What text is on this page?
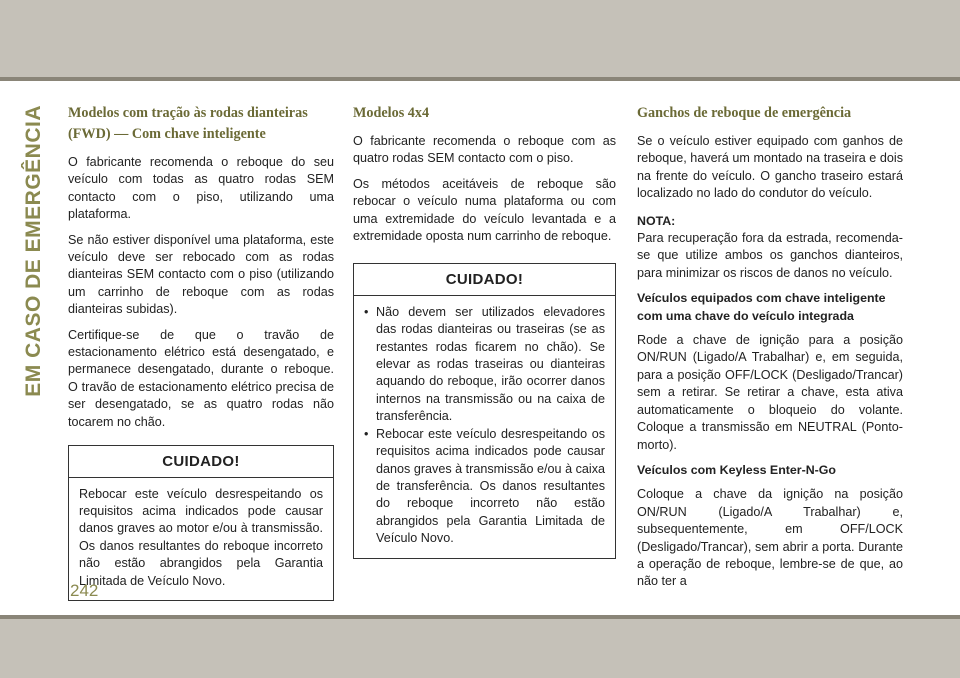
EM CASO DE EMERGÊNCIA Modelos com tração às rodas dianteiras (FWD) — Com chave inteligente

O fabricante recomenda o reboque do seu veículo com todas as quatro rodas SEM contacto com o piso, utilizando uma plataforma.

Se não estiver disponível uma plataforma, este veículo deve ser rebocado com as rodas dianteiras SEM contacto com o piso (utilizando um carrinho de reboque com as rodas dianteiras subidas).

Certifique-se de que o travão de estacionamento elétrico está desengatado, e permanece desengatado, durante o reboque. O travão de estacionamento elétrico precisa de ser desengatado, se as quatro rodas não tocarem no chão.

CUIDADO!

Rebocar este veículo desrespeitando os requisitos acima indicados pode causar danos graves ao motor e/ou à transmissão. Os danos resultantes do reboque incorreto não estão abrangidos pela Garantia Limitada de Veículo Novo.

Modelos 4x4

O fabricante recomenda o reboque com as quatro rodas SEM contacto com o piso.

Os métodos aceitáveis de reboque são rebocar o veículo numa plataforma ou com uma extremidade do veículo levantada e a extremidade oposta num carrinho de reboque.

CUIDADO!
• Não devem ser utilizados elevadores das rodas dianteiras ou traseiras (se as restantes rodas ficarem no chão). Se elevar as rodas traseiras ou dianteiras aquando do reboque, irão ocorrer danos internos na transmissão ou na caixa de transferência.
• Rebocar este veículo desrespeitando os requisitos acima indicados pode causar danos graves à transmissão e/ou à caixa de transferência. Os danos resultantes do reboque incorreto não estão abrangidos pela Garantia Limitada de Veículo Novo.
Ganchos de reboque de emergência

Se o veículo estiver equipado com ganhos de reboque, haverá um montado na traseira e dois na frente do veículo. O gancho traseiro estará localizado no lado do condutor do veículo.

NOTA:

Para recuperação fora da estrada, recomenda-se que utilize ambos os ganchos dianteiros, para minimizar os riscos de danos no veículo.

Veículos equipados com chave inteligente com uma chave do veículo integrada

Rode a chave de ignição para a posição ON/RUN (Ligado/A Trabalhar) e, em seguida, para a posição OFF/LOCK (Desligado/Trancar) sem a retirar. Se retirar a chave, esta ativa automaticamente o bloqueio do volante. Coloque a transmissão em NEUTRAL (Ponto-morto).

Veículos com Keyless Enter-N-Go

Coloque a chave da ignição na posição ON/RUN (Ligado/A Trabalhar) e, subsequentemente, em OFF/LOCK (Desligado/Trancar), sem abrir a porta. Durante a operação de reboque, lembre-se de que, ao não ter a

242
